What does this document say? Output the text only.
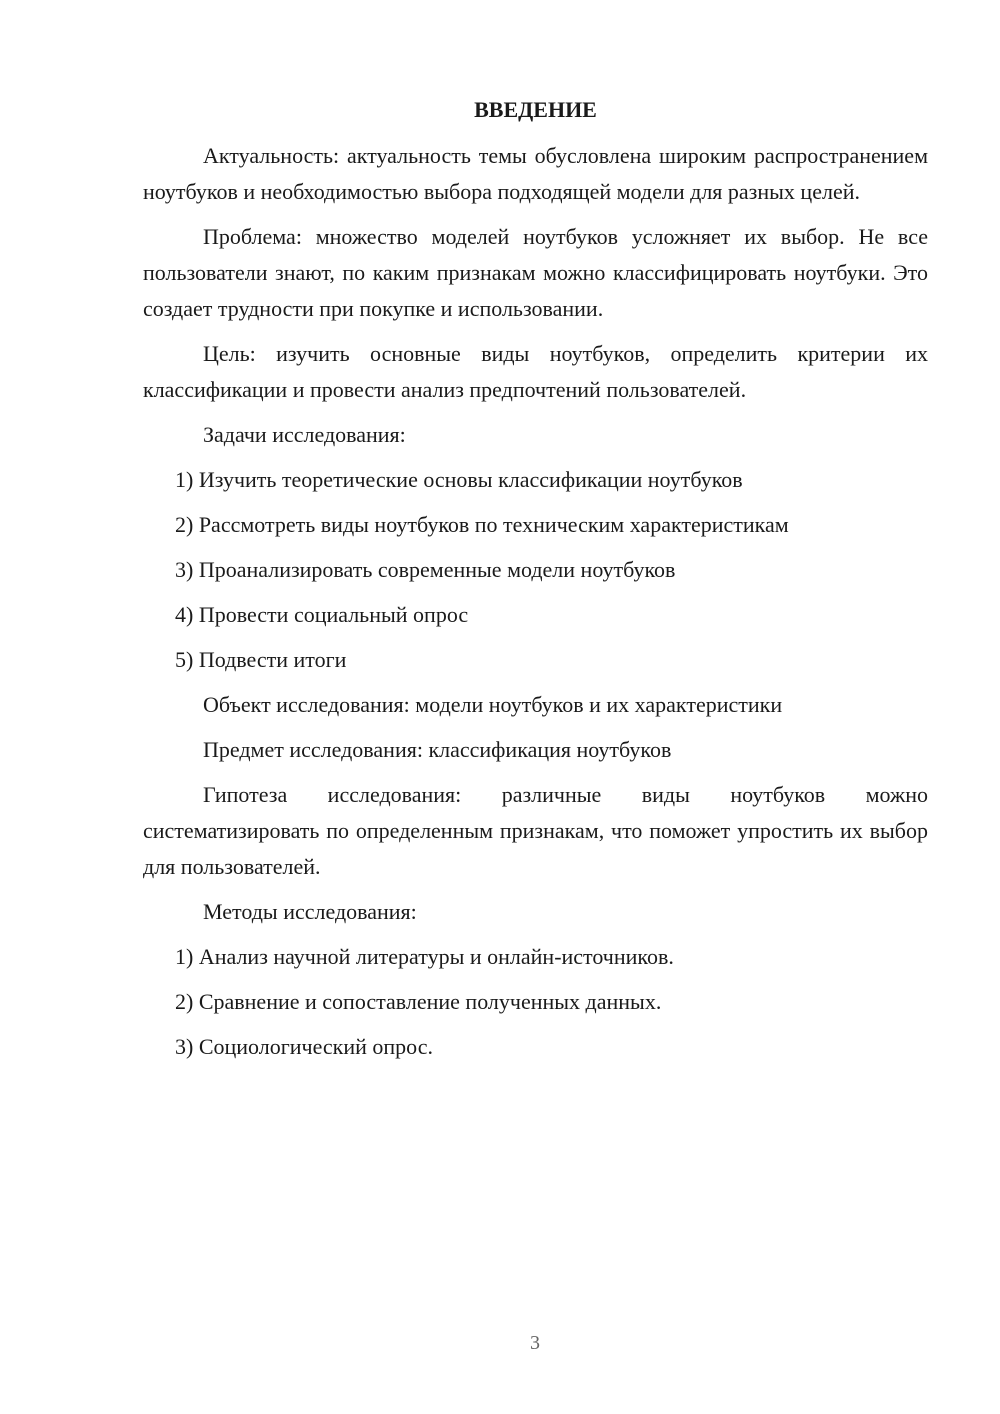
ВВЕДЕНИЕ

Актуальность: актуальность темы обусловлена широким распространением ноутбуков и необходимостью выбора подходящей модели для разных целей.

Проблема: множество моделей ноутбуков усложняет их выбор. Не все пользователи знают, по каким признакам можно классифицировать ноутбуки. Это создает трудности при покупке и использовании.

Цель: изучить основные виды ноутбуков, определить критерии их классификации и провести анализ предпочтений пользователей.

Задачи исследования:
1) Изучить теоретические основы классификации ноутбуков
2) Рассмотреть виды ноутбуков по техническим характеристикам
3) Проанализировать современные модели ноутбуков
4) Провести социальный опрос
5) Подвести итоги
Объект исследования: модели ноутбуков и их характеристики
Предмет исследования: классификация ноутбуков

Гипотеза исследования: различные виды ноутбуков можно систематизировать по определенным признакам, что поможет упростить их выбор для пользователей.

Методы исследования:
1) Анализ научной литературы и онлайн-источников.
2) Сравнение и сопоставление полученных данных.
3) Социологический опрос.
3
